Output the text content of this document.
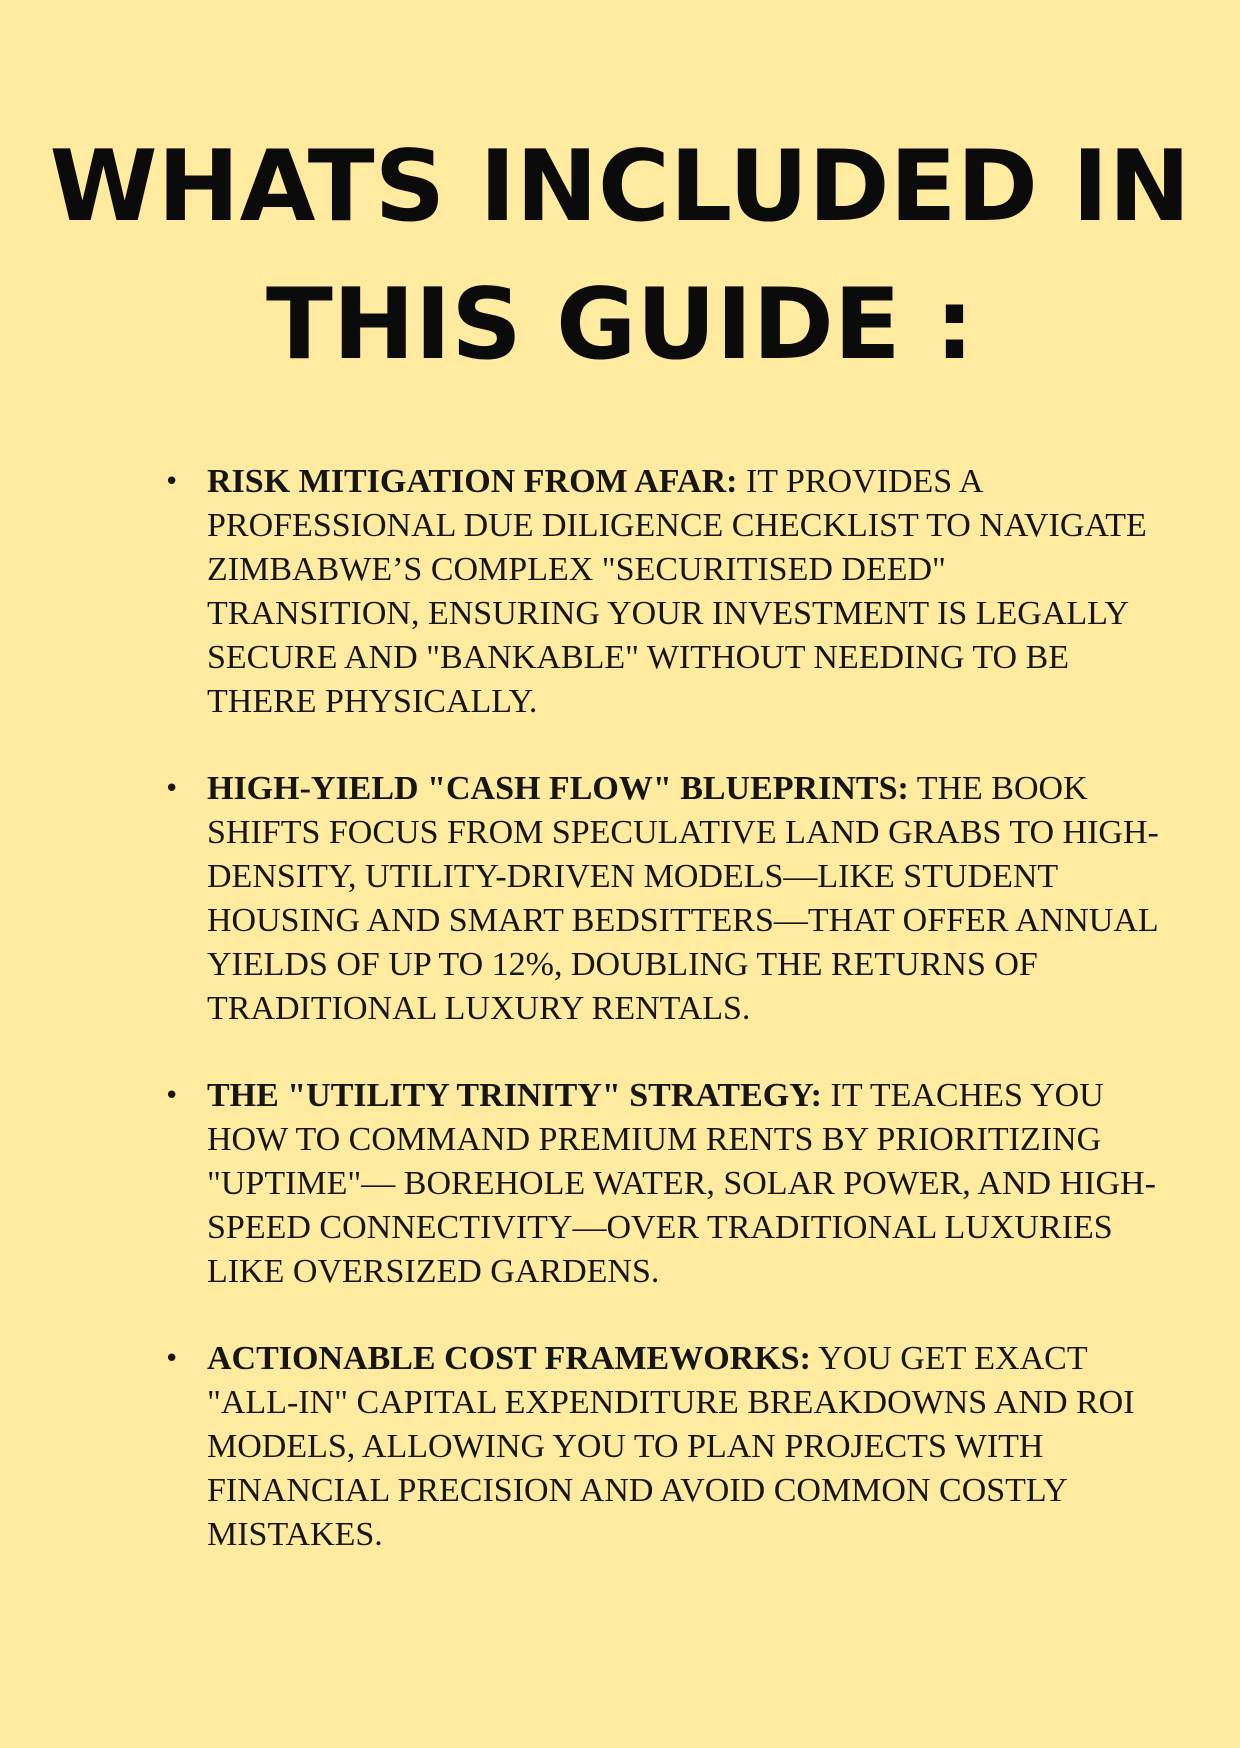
WHATS INCLUDED IN
THIS GUIDE :
• RISK MITIGATION FROM AFAR: IT PROVIDES A PROFESSIONAL DUE DILIGENCE CHECKLIST TO NAVIGATE ZIMBABWE’S COMPLEX "SECURITISED DEED" TRANSITION, ENSURING YOUR INVESTMENT IS LEGALLY SECURE AND "BANKABLE" WITHOUT NEEDING TO BE THERE PHYSICALLY.
• HIGH-YIELD "CASH FLOW" BLUEPRINTS: THE BOOK SHIFTS FOCUS FROM SPECULATIVE LAND GRABS TO HIGH-DENSITY, UTILITY-DRIVEN MODELS—LIKE STUDENT HOUSING AND SMART BEDSITTERS—THAT OFFER ANNUAL YIELDS OF UP TO 12%, DOUBLING THE RETURNS OF TRADITIONAL LUXURY RENTALS.
• THE "UTILITY TRINITY" STRATEGY: IT TEACHES YOU HOW TO COMMAND PREMIUM RENTS BY PRIORITIZING "UPTIME"— BOREHOLE WATER, SOLAR POWER, AND HIGH-SPEED CONNECTIVITY—OVER TRADITIONAL LUXURIES LIKE OVERSIZED GARDENS.
• ACTIONABLE COST FRAMEWORKS: YOU GET EXACT "ALL-IN" CAPITAL EXPENDITURE BREAKDOWNS AND ROI MODELS, ALLOWING YOU TO PLAN PROJECTS WITH FINANCIAL PRECISION AND AVOID COMMON COSTLY MISTAKES.
